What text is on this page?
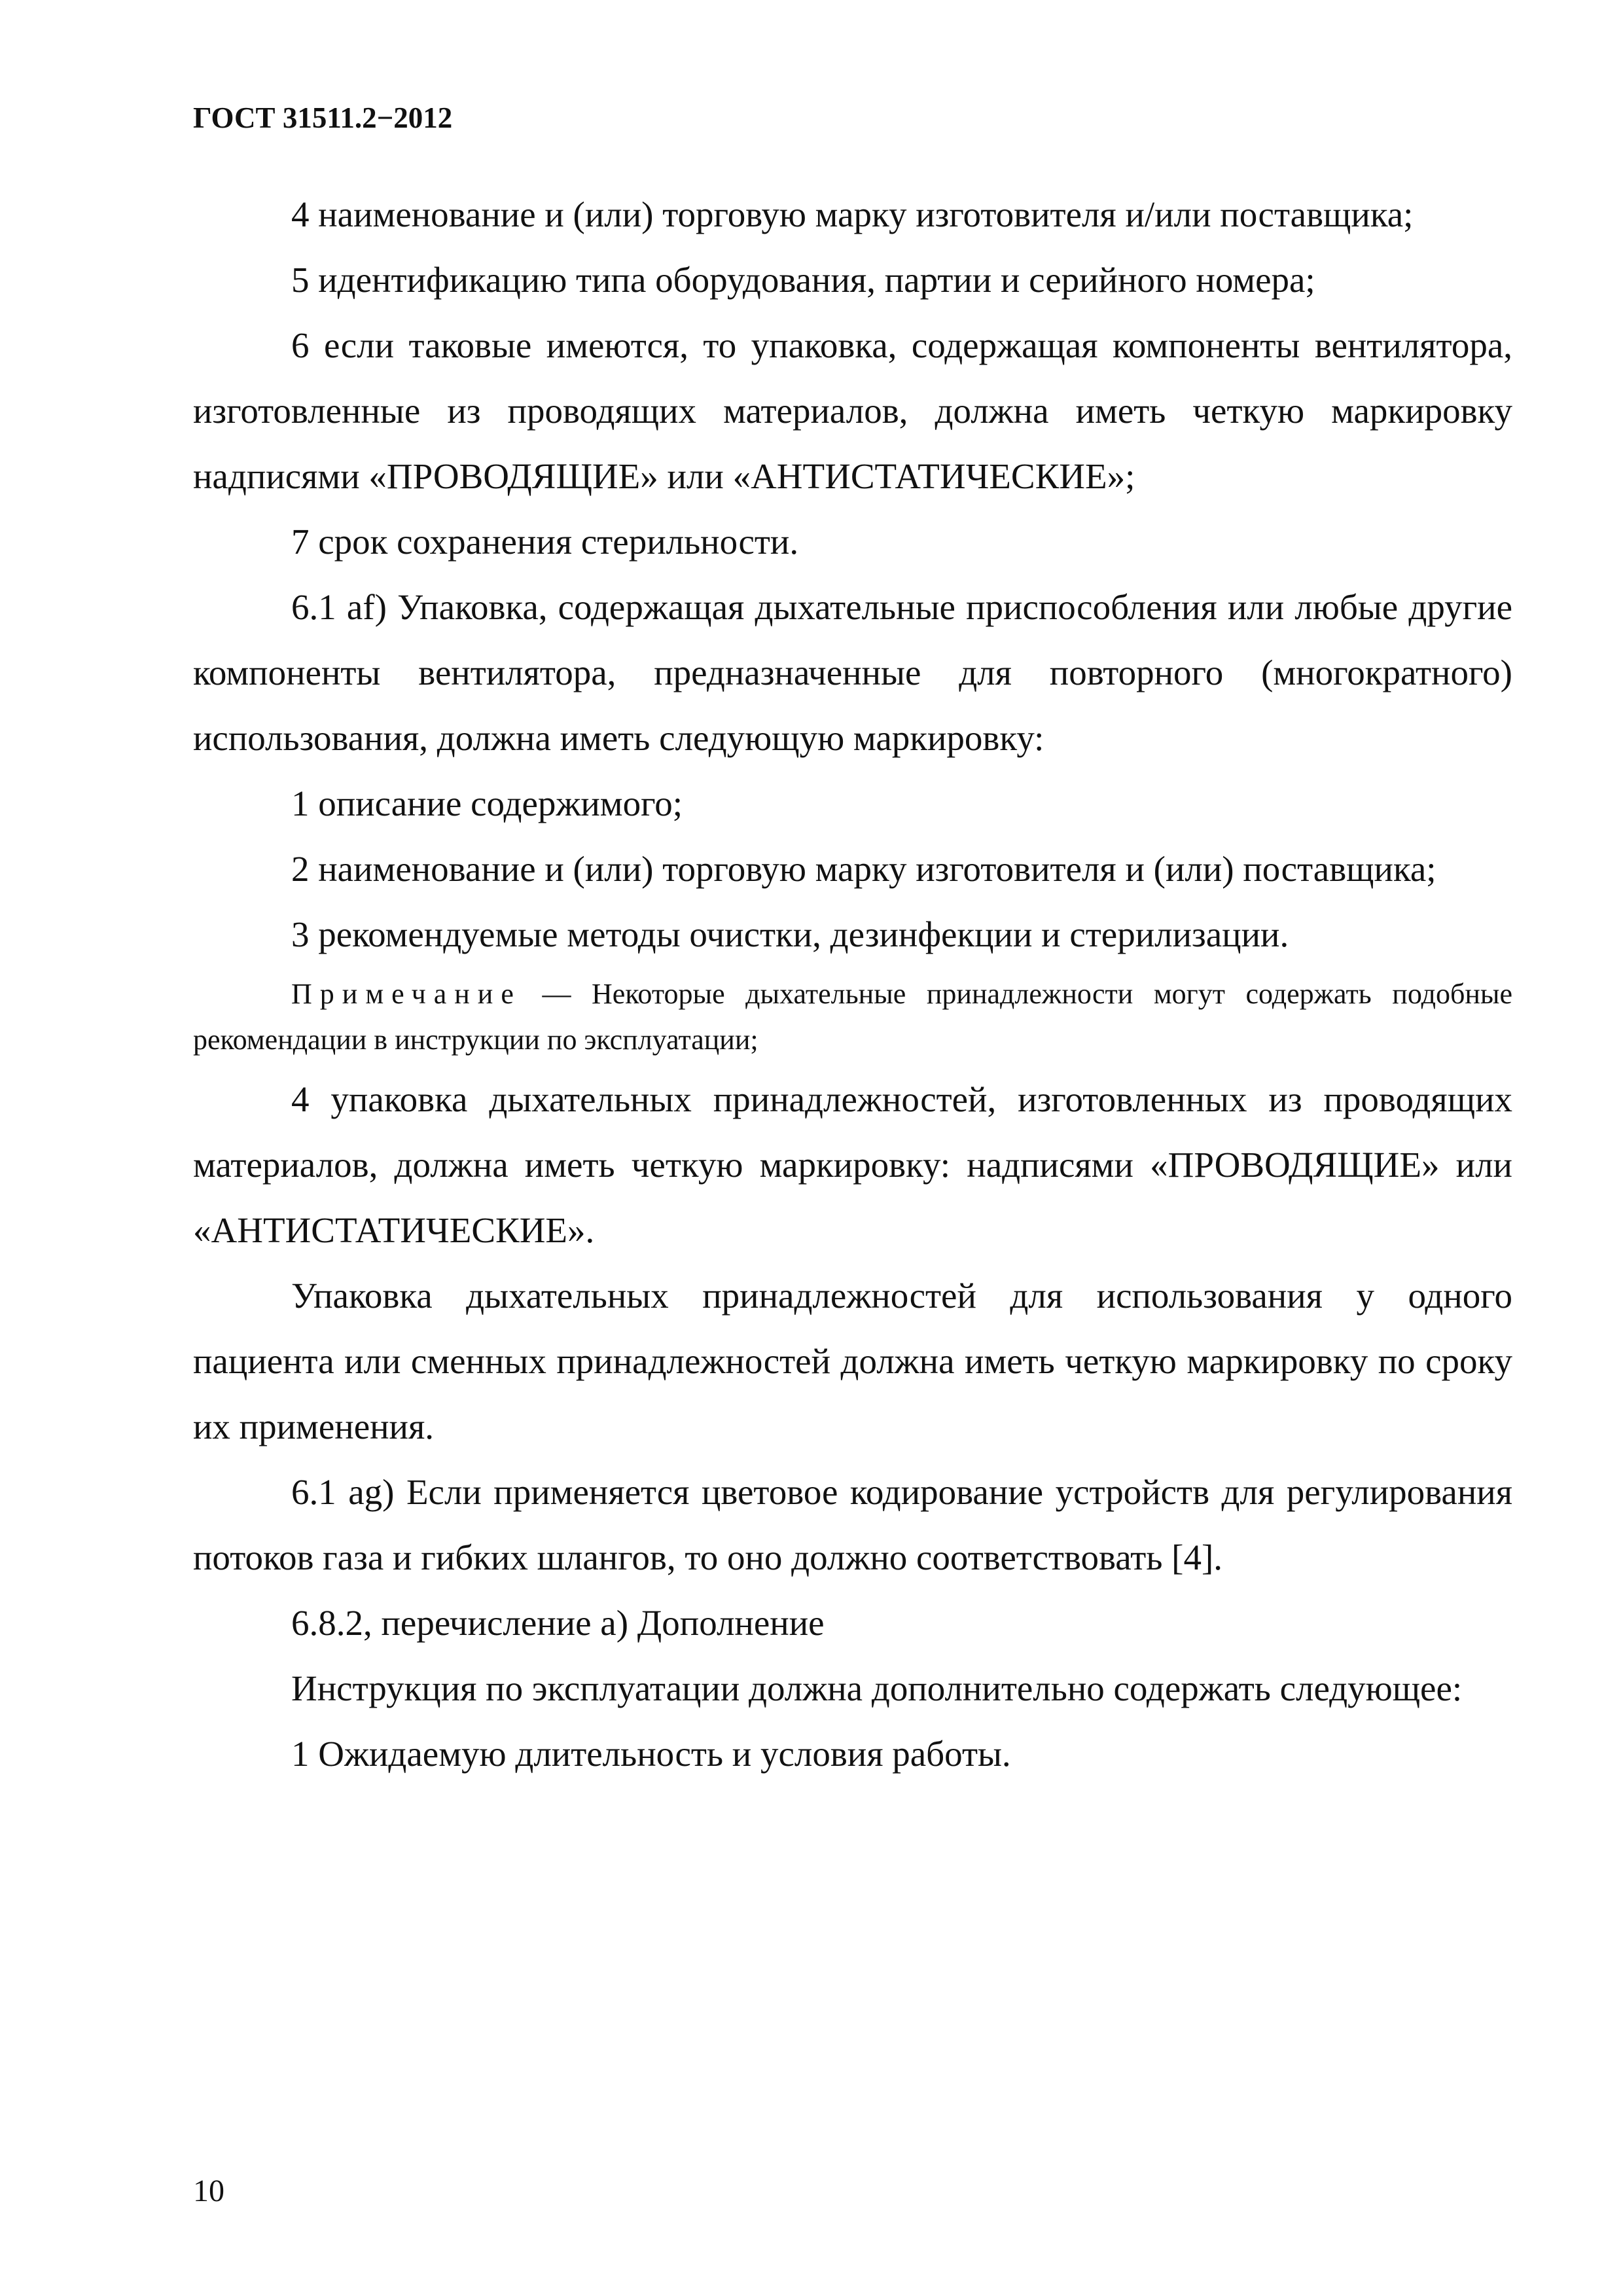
ГОСТ 31511.2−2012

4 наименование и (или) торговую марку изготовителя и/или поставщика;

5 идентификацию типа оборудования, партии и серийного номера;

6 если таковые имеются, то упаковка, содержащая компоненты вентилятора, изготовленные из проводящих материалов, должна иметь четкую маркировку надписями «ПРОВОДЯЩИЕ» или «АНТИСТАТИЧЕСКИЕ»;

7 срок сохранения стерильности.

6.1 af) Упаковка, содержащая дыхательные приспособления или любые другие компоненты вентилятора, предназначенные для повторного (многократного) использования, должна иметь следующую маркировку:

1 описание содержимого;

2 наименование и (или) торговую марку изготовителя и (или) поставщика;

3 рекомендуемые методы очистки, дезинфекции и стерилизации.

Примечание — Некоторые дыхательные принадлежности могут содержать подобные рекомендации в инструкции по эксплуатации;

4 упаковка дыхательных принадлежностей, изготовленных из проводящих материалов, должна иметь четкую маркировку: надписями «ПРОВОДЯЩИЕ» или «АНТИСТАТИЧЕСКИЕ».

Упаковка дыхательных принадлежностей для использования у одного пациента или сменных принадлежностей должна иметь четкую маркировку по сроку их применения.

6.1 ag) Если применяется цветовое кодирование устройств для регулирования потоков газа и гибких шлангов, то оно должно соответствовать [4].

6.8.2, перечисление а) Дополнение

Инструкция по эксплуатации должна дополнительно содержать следующее:

1 Ожидаемую длительность и условия работы.

10
